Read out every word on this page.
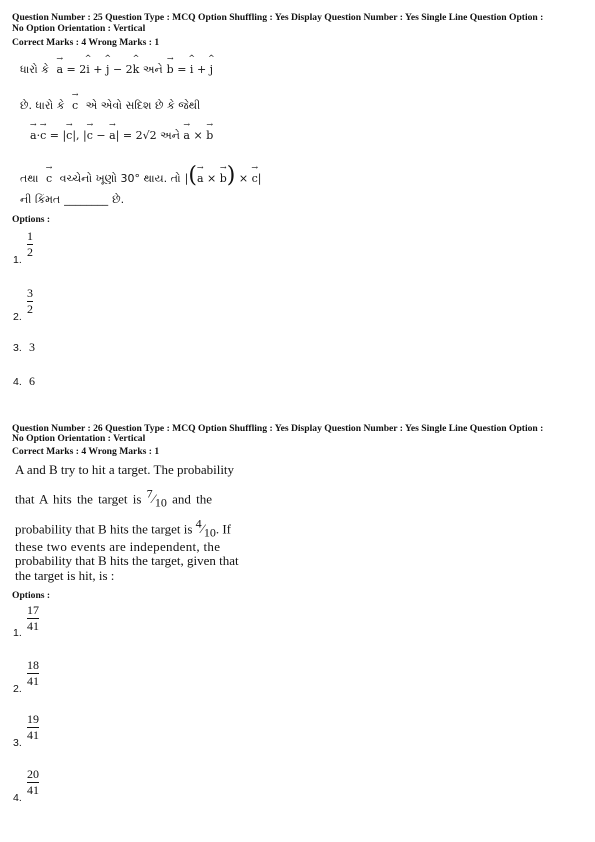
Question Number : 25 Question Type : MCQ Option Shuffling : Yes Display Question Number : Yes Single Line Question Option :
No Option Orientation : Vertical
Correct Marks : 4 Wrong Marks : 1
ધારો કે → a = 2^ i + ^ j − 2^ k અને → b = ^ i + ^ j
છે. ધારો કે → c એ એવો સદિશ છે કે જેથી
→ a·→ c = |→ c|, |→ c − → a| = 2√2 અને → a × → b
તથા → c વચ્ચેનો ખૂણો 30° થાય. તો |(→ a × → b) × → c|
ની કિંમત ________ છે.
Options :
1.
1
2
2.
3
2
3. 3
4. 6
Question Number : 26 Question Type : MCQ Option Shuffling : Yes Display Question Number : Yes Single Line Question Option :
No Option Orientation : Vertical
Correct Marks : 4 Wrong Marks : 1
A and B try to hit a target. The probability
that A hits the target is $^7⁄_{10}$ and the
probability that B hits the target is $^4⁄_{10}$. If
these two events are independent, the
probability that B hits the target, given that
the target is hit, is :
Options :
1.
17
41
2.
18
41
3.
19
41
4.
20
41
